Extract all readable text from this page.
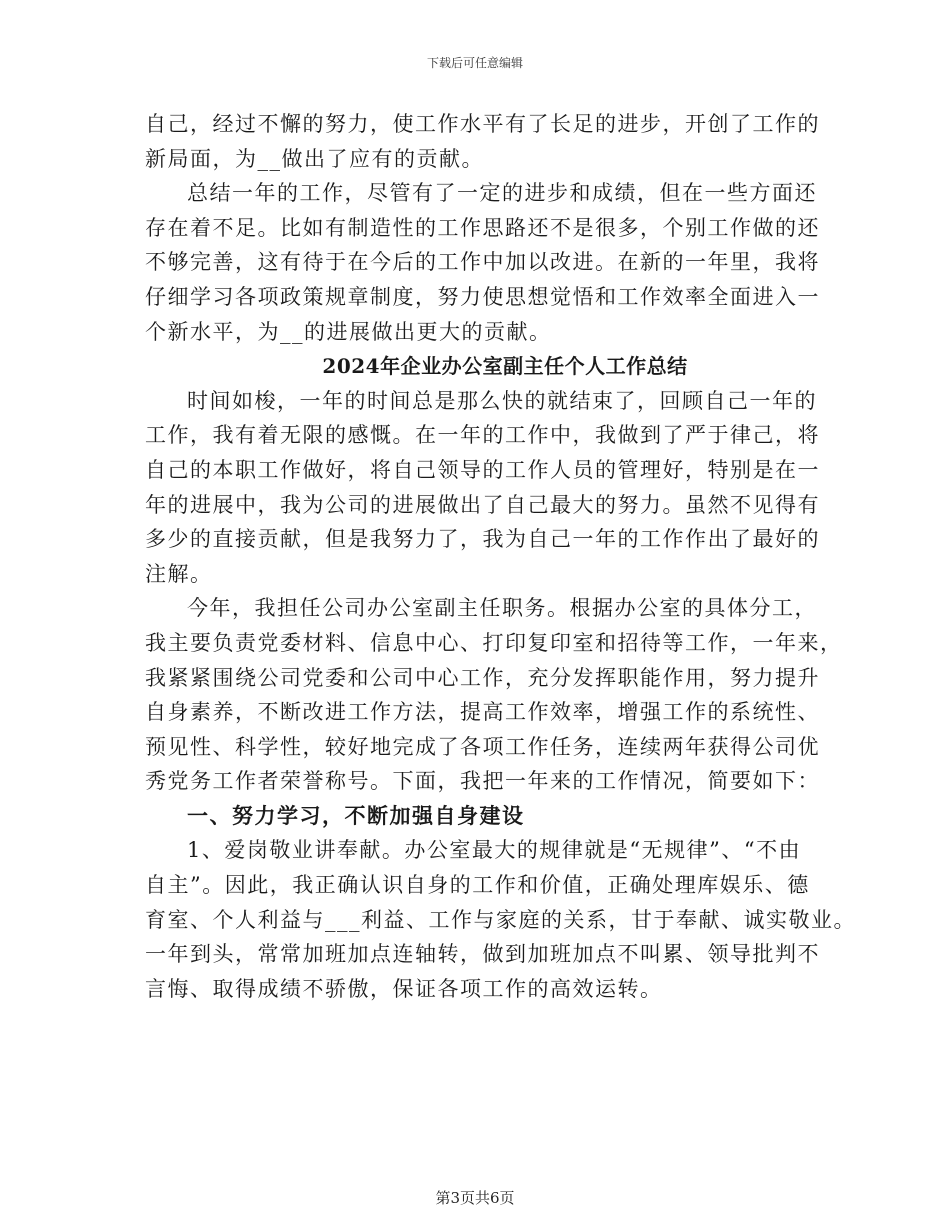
下载后可任意编辑
自己，经过不懈的努力，使工作水平有了长足的进步，开创了工作的
新局面，为__做出了应有的贡献。
总结一年的工作，尽管有了一定的进步和成绩，但在一些方面还
存在着不足。比如有制造性的工作思路还不是很多，个别工作做的还
不够完善，这有待于在今后的工作中加以改进。在新的一年里，我将
仔细学习各项政策规章制度，努力使思想觉悟和工作效率全面进入一
个新水平，为__的进展做出更大的贡献。
2024年企业办公室副主任个人工作总结
时间如梭，一年的时间总是那么快的就结束了，回顾自己一年的
工作，我有着无限的感慨。在一年的工作中，我做到了严于律己，将
自己的本职工作做好，将自己领导的工作人员的管理好，特别是在一
年的进展中，我为公司的进展做出了自己最大的努力。虽然不见得有
多少的直接贡献，但是我努力了，我为自己一年的工作作出了最好的
注解。
今年，我担任公司办公室副主任职务。根据办公室的具体分工，
我主要负责党委材料、信息中心、打印复印室和招待等工作，一年来，
我紧紧围绕公司党委和公司中心工作，充分发挥职能作用，努力提升
自身素养，不断改进工作方法，提高工作效率，增强工作的系统性、
预见性、科学性，较好地完成了各项工作任务，连续两年获得公司优
秀党务工作者荣誉称号。下面，我把一年来的工作情况，简要如下：
一、努力学习，不断加强自身建设
1、爱岗敬业讲奉献。办公室最大的规律就是“无规律”、“不由
自主”。因此，我正确认识自身的工作和价值，正确处理库娱乐、德
育室、个人利益与___利益、工作与家庭的关系，甘于奉献、诚实敬业。
一年到头，常常加班加点连轴转，做到加班加点不叫累、领导批判不
言悔、取得成绩不骄傲，保证各项工作的高效运转。
第3页共6页
